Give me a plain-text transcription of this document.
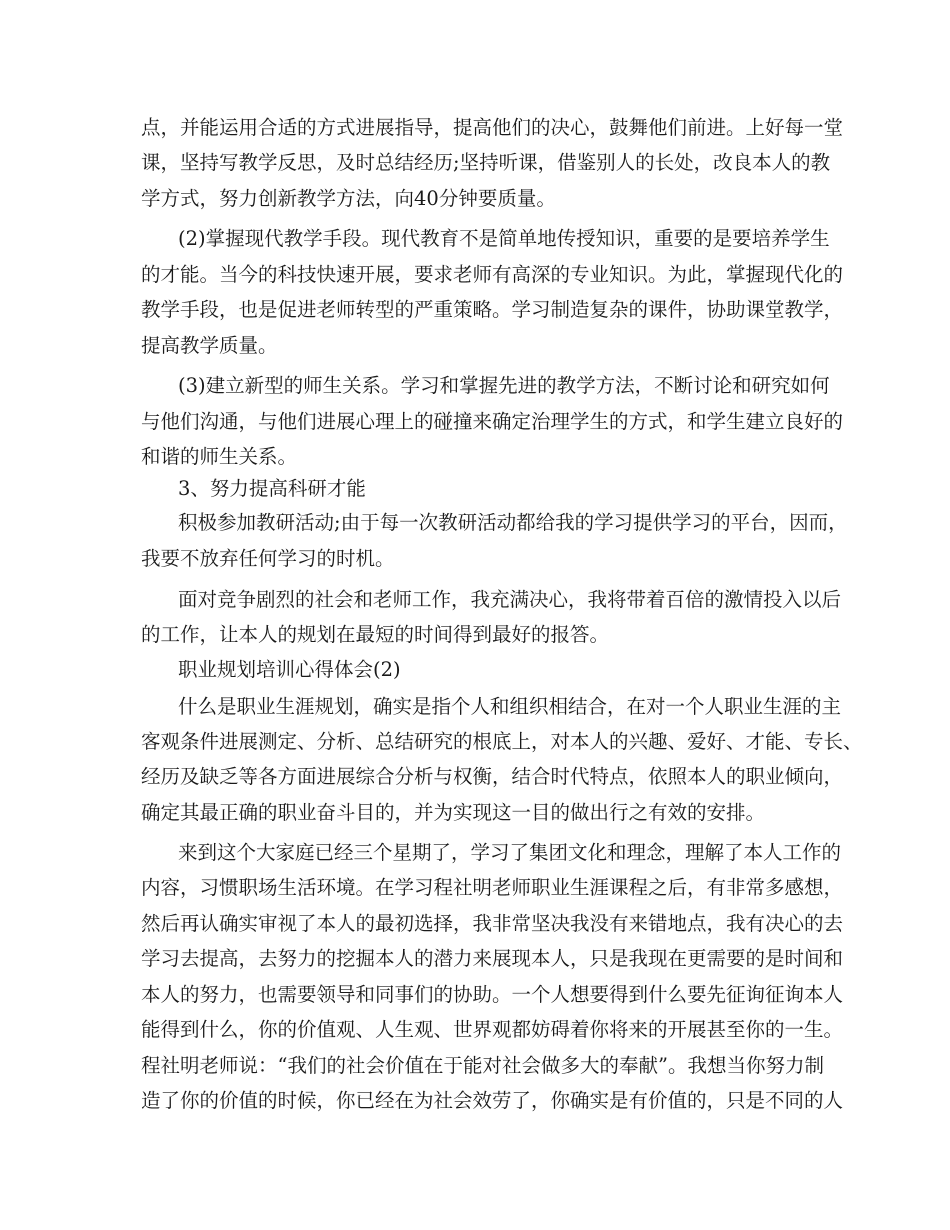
点，并能运用合适的方式进展指导，提高他们的决心，鼓舞他们前进。上好每一堂
课，坚持写教学反思，及时总结经历;坚持听课，借鉴别人的长处，改良本人的教
学方式，努力创新教学方法，向40分钟要质量。
(2)掌握现代教学手段。现代教育不是简单地传授知识，重要的是要培养学生
的才能。当今的科技快速开展，要求老师有高深的专业知识。为此，掌握现代化的
教学手段，也是促进老师转型的严重策略。学习制造复杂的课件，协助课堂教学，
提高教学质量。
(3)建立新型的师生关系。学习和掌握先进的教学方法，不断讨论和研究如何
与他们沟通，与他们进展心理上的碰撞来确定治理学生的方式，和学生建立良好的
和谐的师生关系。
3、努力提高科研才能
积极参加教研活动;由于每一次教研活动都给我的学习提供学习的平台，因而，
我要不放弃任何学习的时机。
面对竞争剧烈的社会和老师工作，我充满决心，我将带着百倍的激情投入以后
的工作，让本人的规划在最短的时间得到最好的报答。
职业规划培训心得体会(2)
什么是职业生涯规划，确实是指个人和组织相结合，在对一个人职业生涯的主
客观条件进展测定、分析、总结研究的根底上，对本人的兴趣、爱好、才能、专长、
经历及缺乏等各方面进展综合分析与权衡，结合时代特点，依照本人的职业倾向，
确定其最正确的职业奋斗目的，并为实现这一目的做出行之有效的安排。
来到这个大家庭已经三个星期了，学习了集团文化和理念，理解了本人工作的
内容，习惯职场生活环境。在学习程社明老师职业生涯课程之后，有非常多感想，
然后再认确实审视了本人的最初选择，我非常坚决我没有来错地点，我有决心的去
学习去提高，去努力的挖掘本人的潜力来展现本人，只是我现在更需要的是时间和
本人的努力，也需要领导和同事们的协助。一个人想要得到什么要先征询征询本人
能得到什么，你的价值观、人生观、世界观都妨碍着你将来的开展甚至你的一生。
程社明老师说：“我们的社会价值在于能对社会做多大的奉献”。我想当你努力制
造了你的价值的时候，你已经在为社会效劳了，你确实是有价值的，只是不同的人
